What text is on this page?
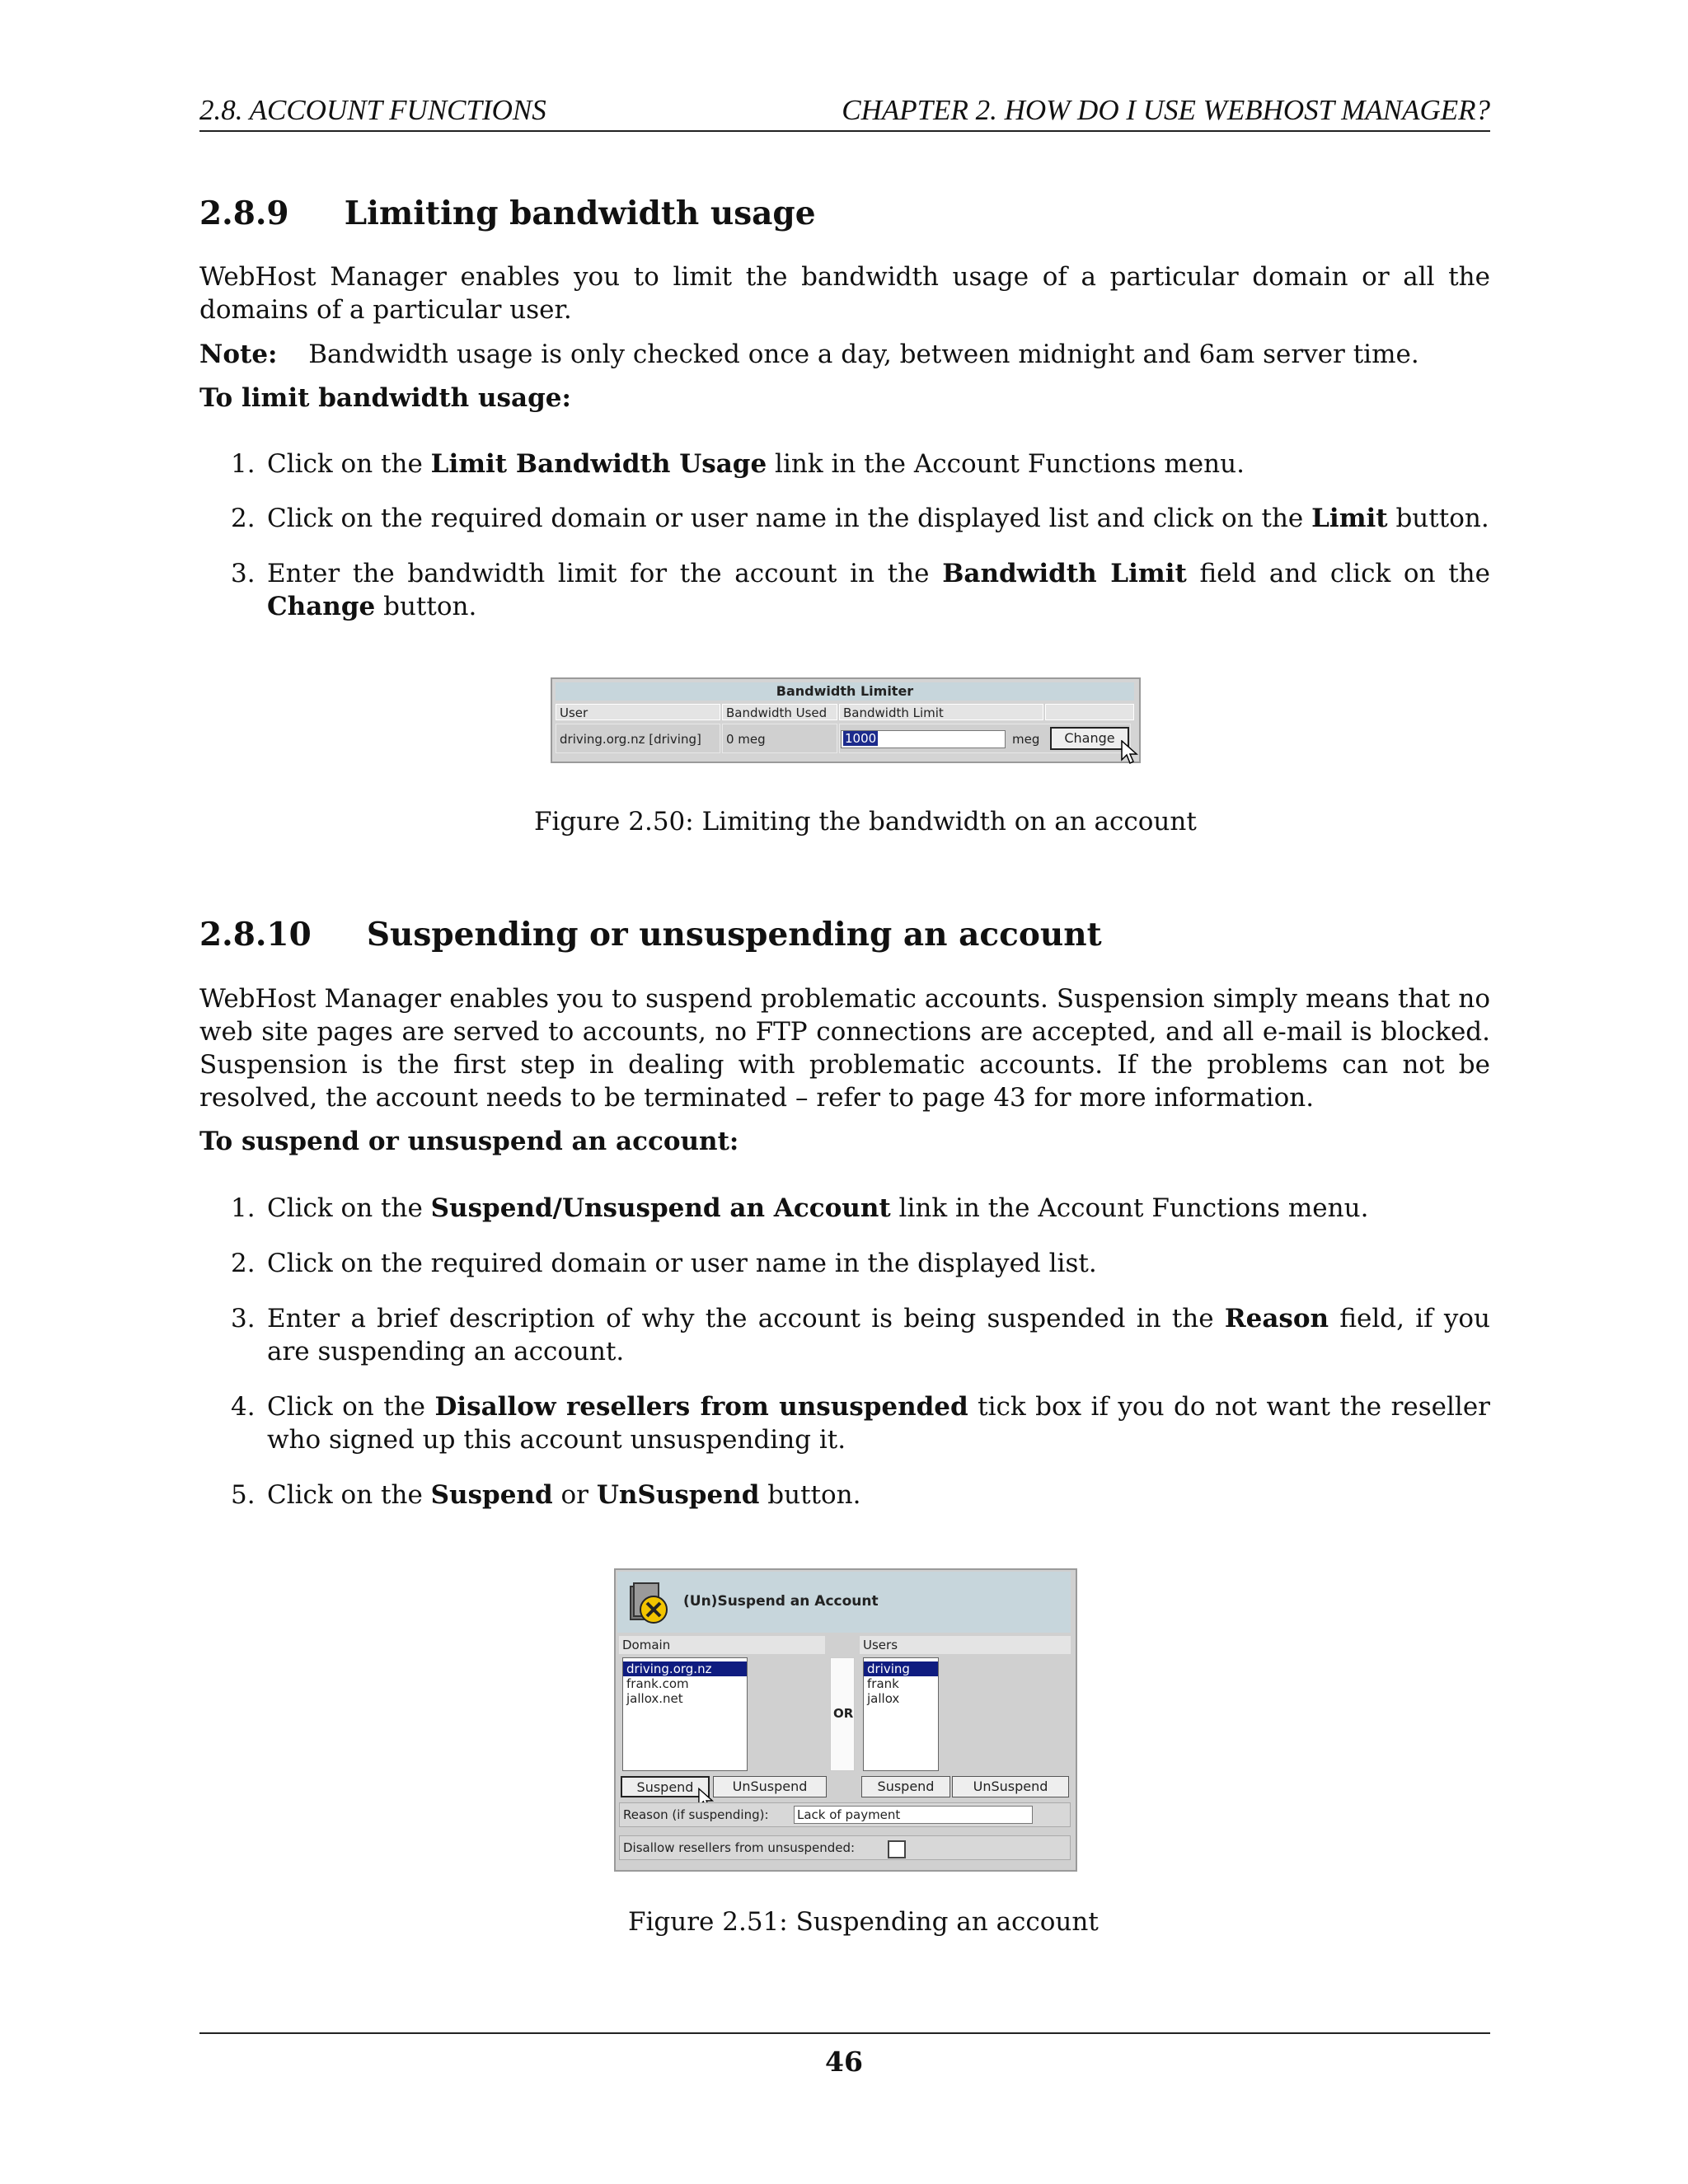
2.8. ACCOUNT FUNCTIONS	CHAPTER 2. HOW DO I USE WEBHOST MANAGER?
2.8.9 Limiting bandwidth usage
WebHost Manager enables you to limit the bandwidth usage of a particular domain or all the domains of a particular user.
Note: Bandwidth usage is only checked once a day, between midnight and 6am server time.
To limit bandwidth usage:
1. Click on the Limit Bandwidth Usage link in the Account Functions menu.
2. Click on the required domain or user name in the displayed list and click on the Limit button.
3. Enter the bandwidth limit for the account in the Bandwidth Limit field and click on the Change button.
Bandwidth Limiter
User	Bandwidth Used	Bandwidth Limit
driving.org.nz [driving]	0 meg	1000	meg	Change
Figure 2.50: Limiting the bandwidth on an account
2.8.10 Suspending or unsuspending an account
WebHost Manager enables you to suspend problematic accounts. Suspension simply means that no web site pages are served to accounts, no FTP connections are accepted, and all e-mail is blocked. Suspension is the first step in dealing with problematic accounts. If the problems can not be resolved, the account needs to be terminated – refer to page 43 for more information.
To suspend or unsuspend an account:
1. Click on the Suspend/Unsuspend an Account link in the Account Functions menu.
2. Click on the required domain or user name in the displayed list.
3. Enter a brief description of why the account is being suspended in the Reason field, if you are suspending an account.
4. Click on the Disallow resellers from unsuspended tick box if you do not want the reseller who signed up this account unsuspending it.
5. Click on the Suspend or UnSuspend button.
(Un)Suspend an Account
Domain	Users
driving.org.nz
frank.com
jallox.net
OR
driving
frank
jallox
Suspend	UnSuspend	Suspend	UnSuspend
Reason (if suspending):	Lack of payment
Disallow resellers from unsuspended:
Figure 2.51: Suspending an account
46
